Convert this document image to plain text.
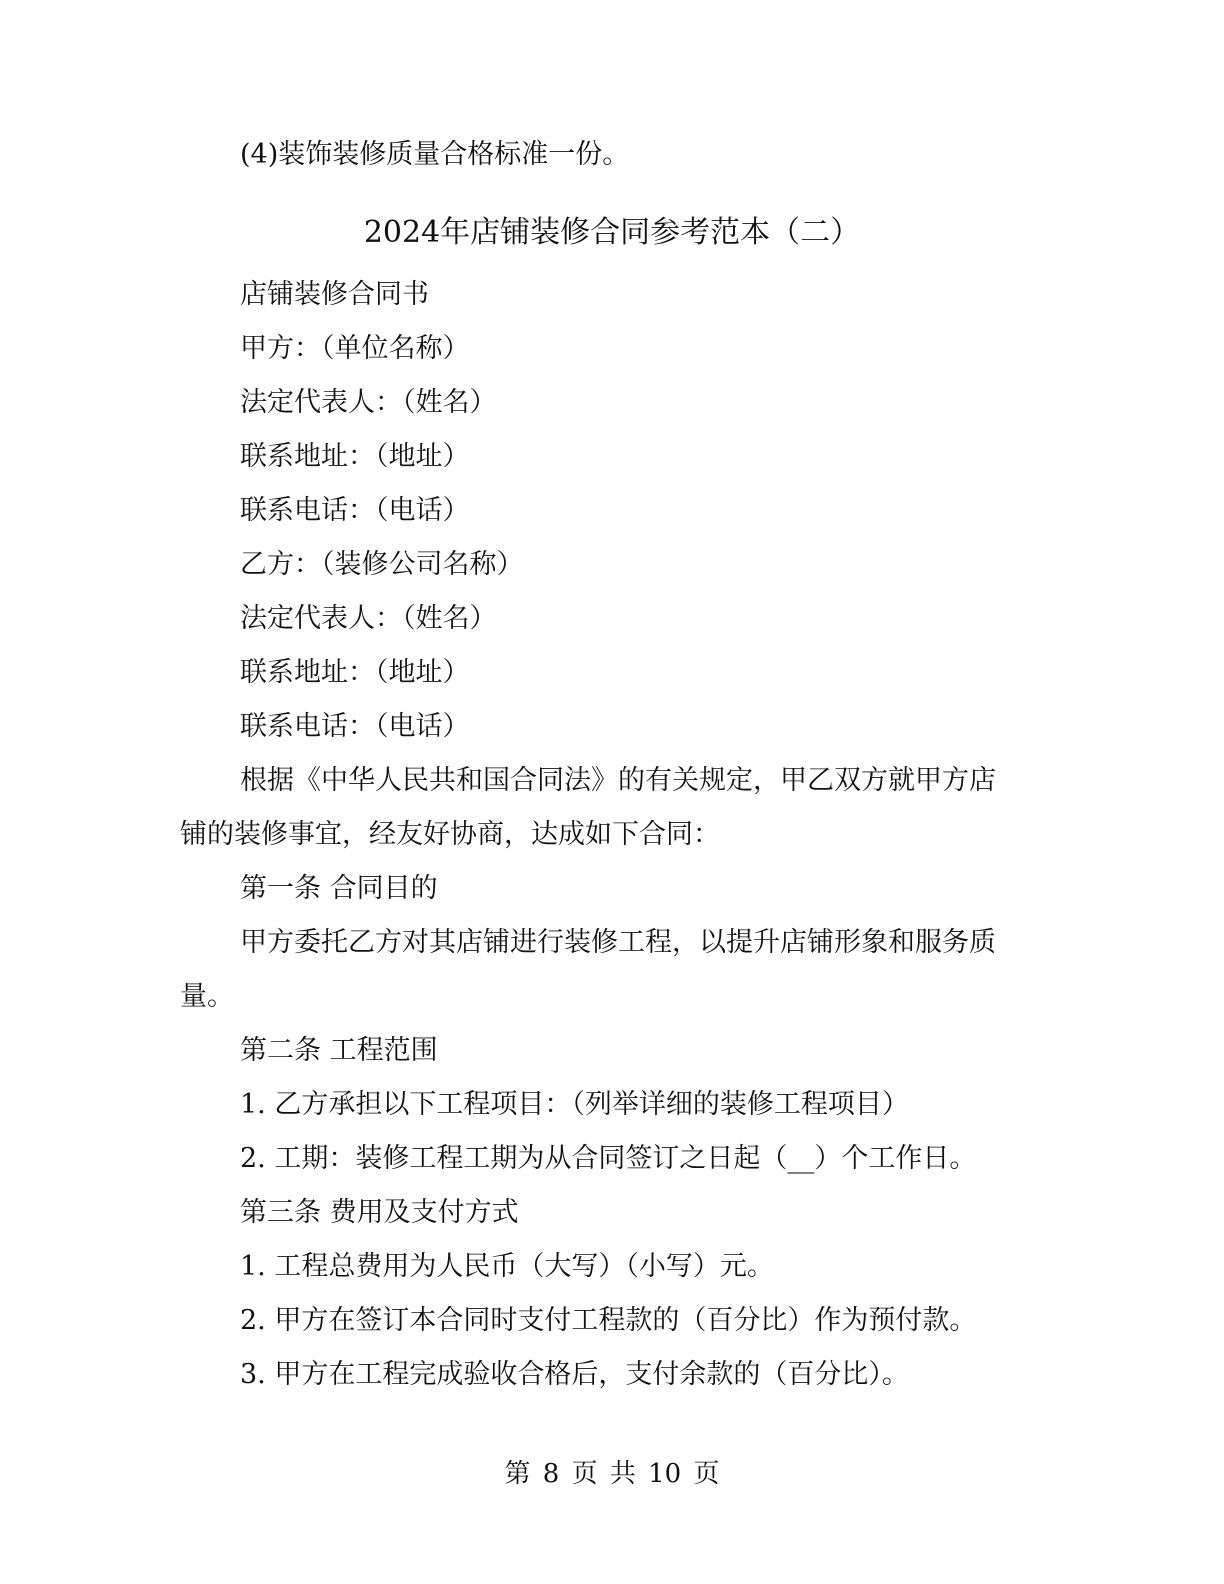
(4)装饰装修质量合格标准一份。
2024年店铺装修合同参考范本（二）
店铺装修合同书
甲方：（单位名称）
法定代表人：（姓名）
联系地址：（地址）
联系电话：（电话）
乙方：（装修公司名称）
法定代表人：（姓名）
联系地址：（地址）
联系电话：（电话）
根据《中华人民共和国合同法》的有关规定，甲乙双方就甲方店
铺的装修事宜，经友好协商，达成如下合同：
第一条 合同目的
甲方委托乙方对其店铺进行装修工程，以提升店铺形象和服务质
量。
第二条 工程范围
1. 乙方承担以下工程项目：（列举详细的装修工程项目）
2. 工期：装修工程工期为从合同签订之日起（__）个工作日。
第三条 费用及支付方式
1. 工程总费用为人民币（大写）（小写）元。
2. 甲方在签订本合同时支付工程款的（百分比）作为预付款。
3. 甲方在工程完成验收合格后，支付余款的（百分比）。
第 8 页 共 10 页
